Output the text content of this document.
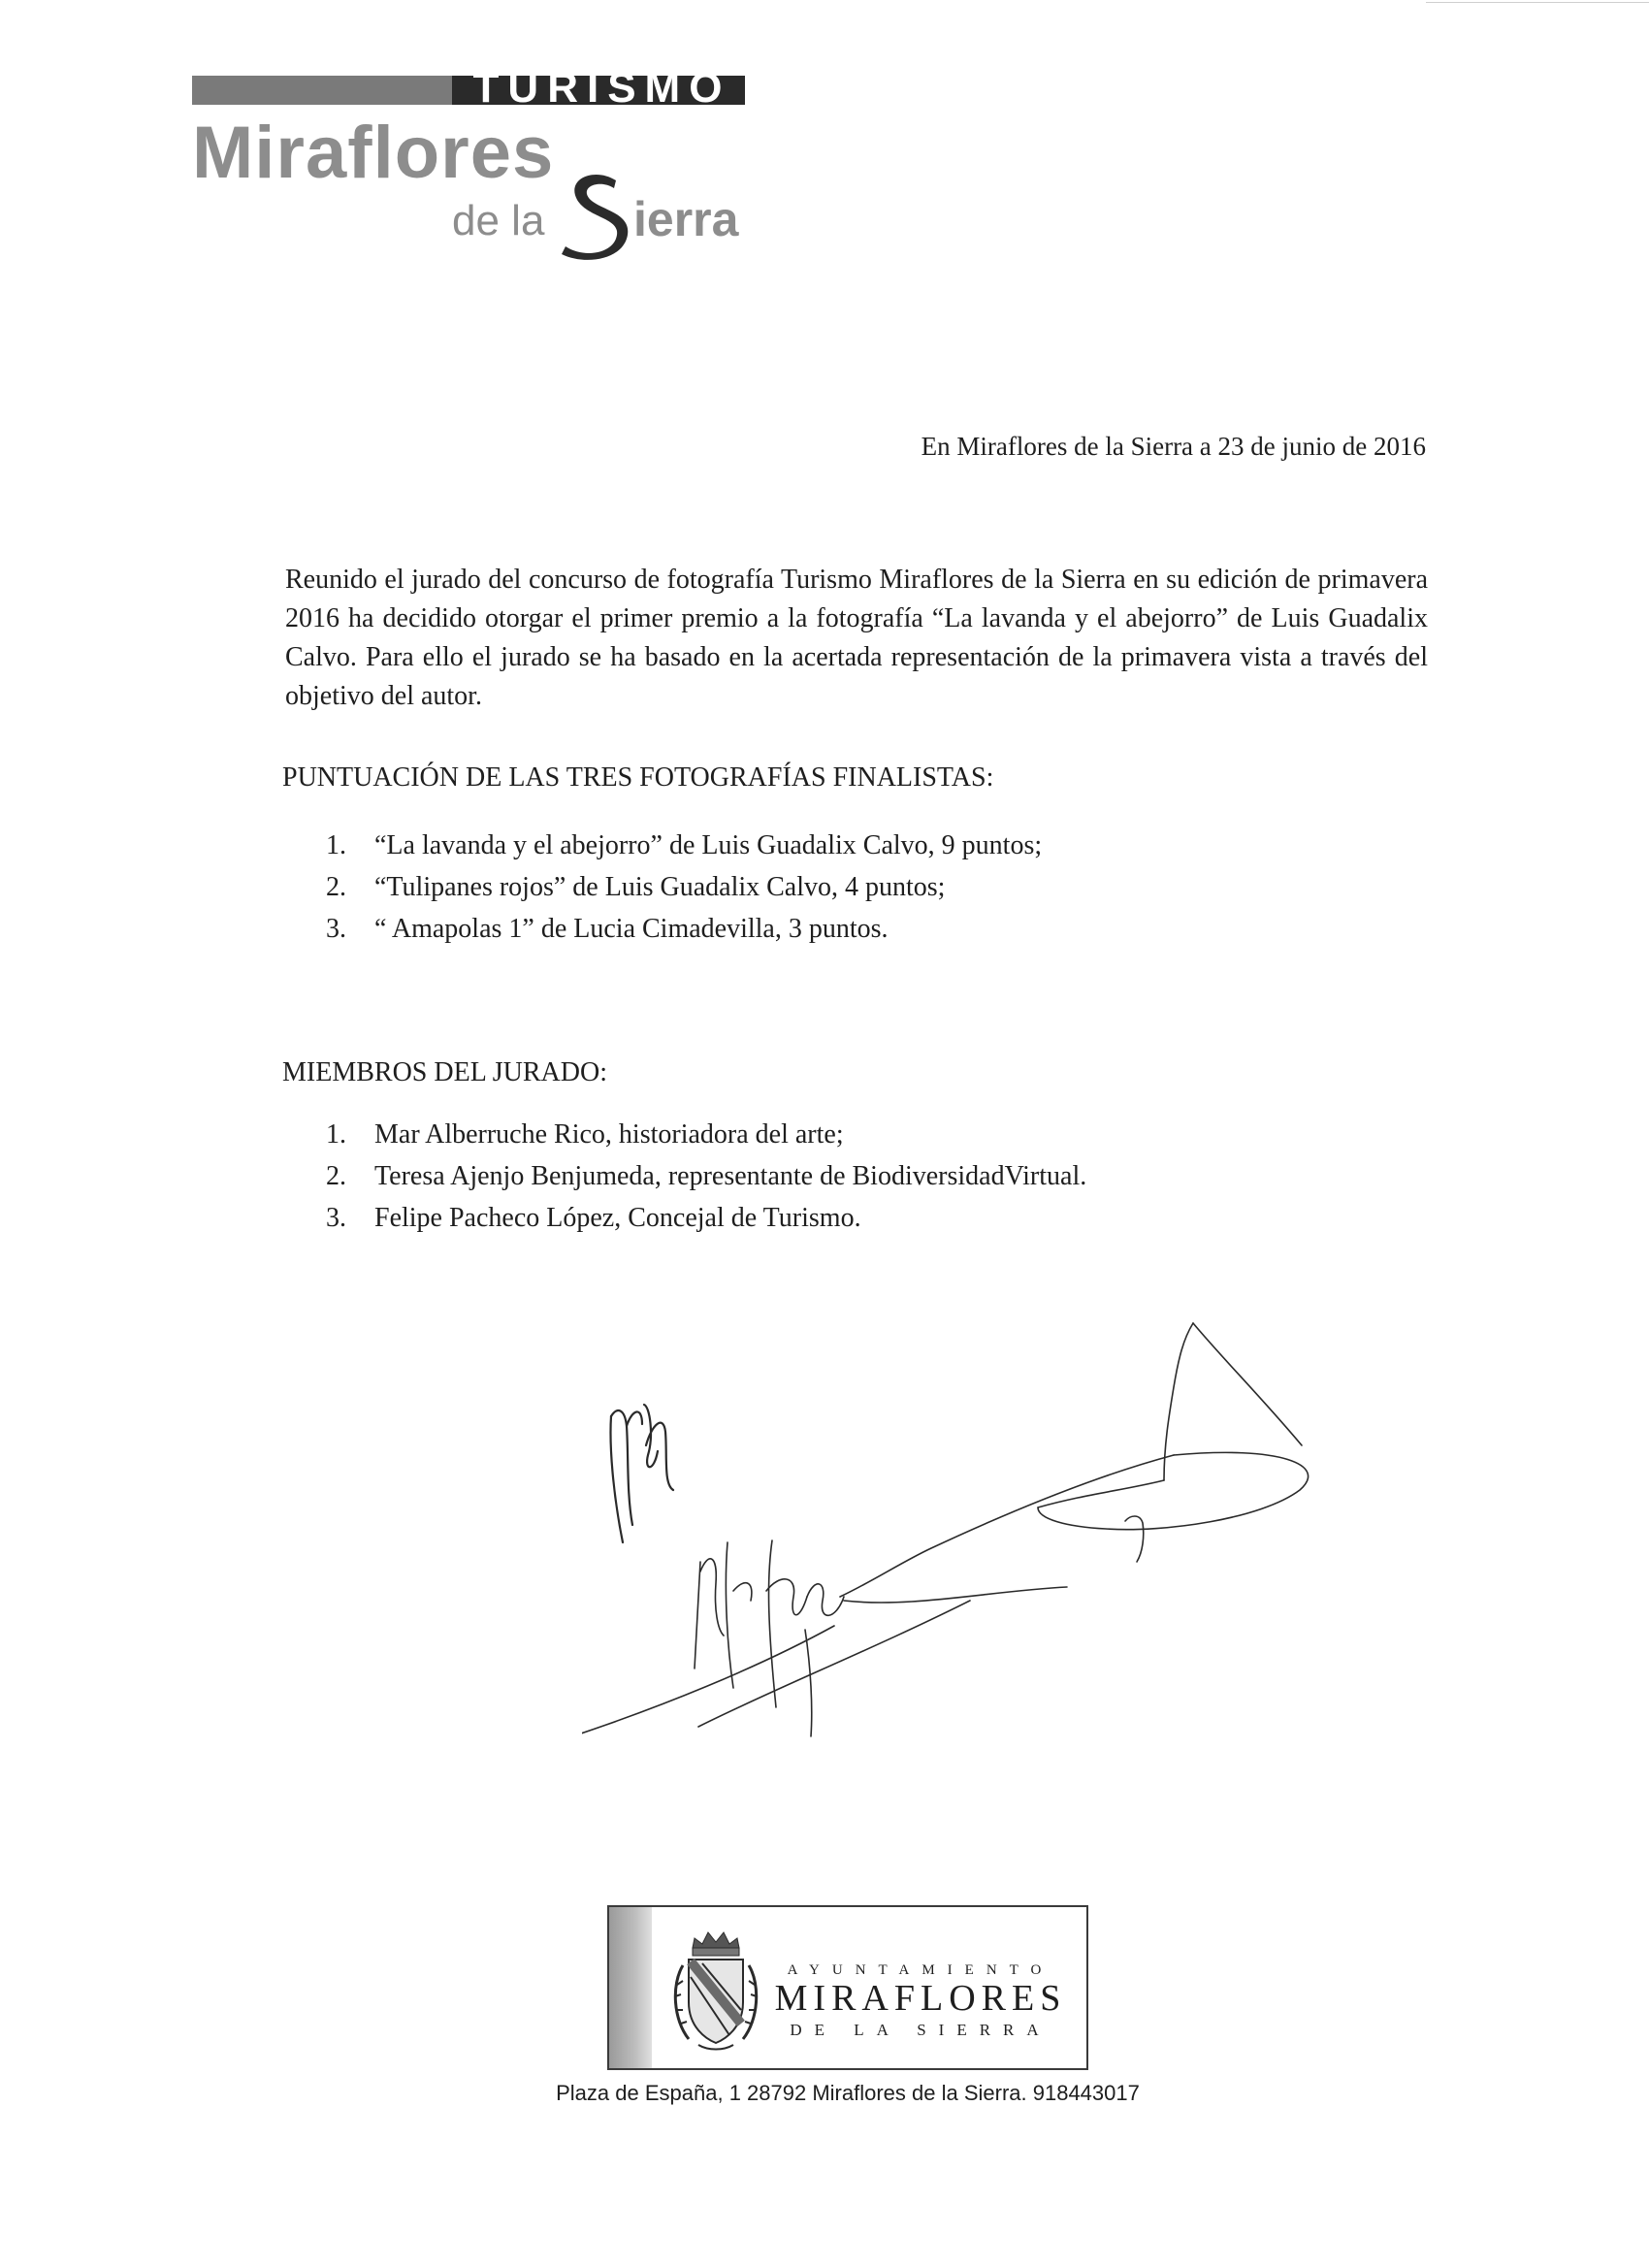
TURISMO
Miraflores
de la ierra
En Miraflores de la Sierra a 23 de junio de 2016

Reunido el jurado del concurso de fotografía Turismo Miraflores de la Sierra en su edición de primavera 2016 ha decidido otorgar el primer premio a la fotografía “La lavanda y el abejorro” de Luis Guadalix Calvo. Para ello el jurado se ha basado en la acertada representación de la primavera vista a través del objetivo del autor.

PUNTUACIÓN DE LAS TRES FOTOGRAFÍAS FINALISTAS:
1. “La lavanda y el abejorro” de Luis Guadalix Calvo, 9 puntos;
2. “Tulipanes rojos” de Luis Guadalix Calvo, 4 puntos;
3. “ Amapolas 1” de Lucia Cimadevilla, 3 puntos.
MIEMBROS DEL JURADO:
1. Mar Alberruche Rico, historiadora del arte;
2. Teresa Ajenjo Benjumeda, representante de BiodiversidadVirtual.
3. Felipe Pacheco López, Concejal de Turismo.
AYUNTAMIENTO
MIRAFLORES
DE LA SIERRA
Plaza de España, 1 28792 Miraflores de la Sierra. 918443017
